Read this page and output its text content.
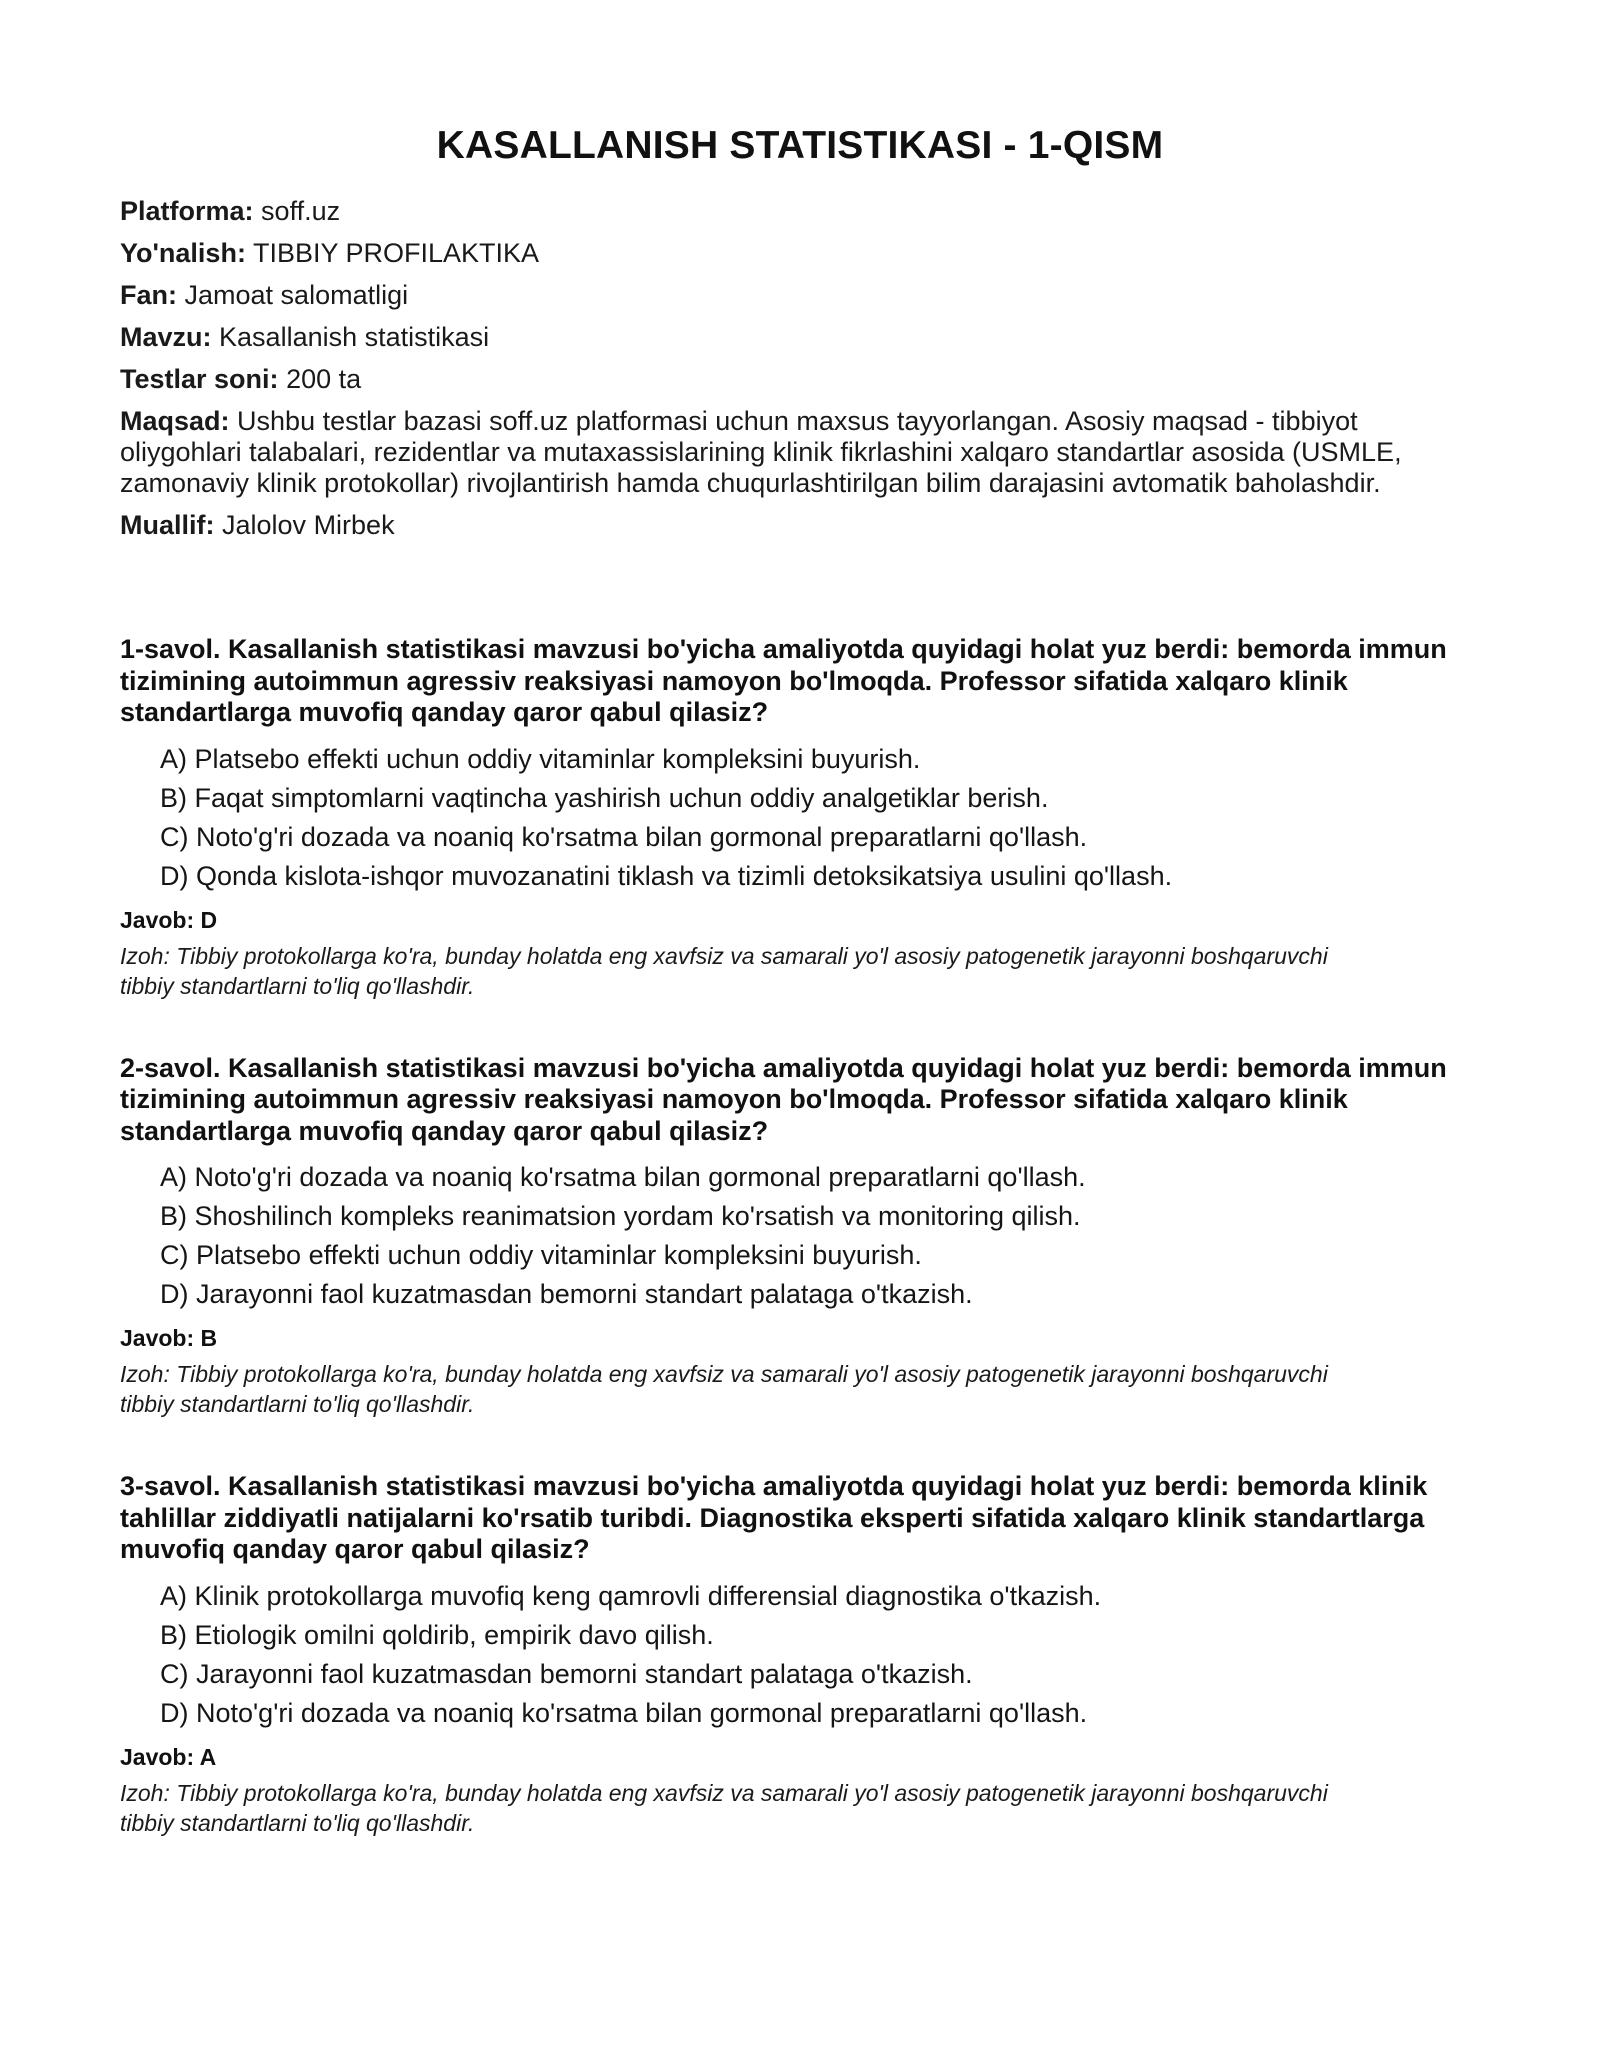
KASALLANISH STATISTIKASI - 1-QISM

Platforma: soff.uz

Yo'nalish: TIBBIY PROFILAKTIKA

Fan: Jamoat salomatligi

Mavzu: Kasallanish statistikasi

Testlar soni: 200 ta

Maqsad: Ushbu testlar bazasi soff.uz platformasi uchun maxsus tayyorlangan. Asosiy maqsad - tibbiyot oliygohlari talabalari, rezidentlar va mutaxassislarining klinik fikrlashini xalqaro standartlar asosida (USMLE, zamonaviy klinik protokollar) rivojlantirish hamda chuqurlashtirilgan bilim darajasini avtomatik baholashdir.

Muallif: Jalolov Mirbek

1-savol. Kasallanish statistikasi mavzusi bo'yicha amaliyotda quyidagi holat yuz berdi: bemorda immun tizimining autoimmun agressiv reaksiyasi namoyon bo'lmoqda. Professor sifatida xalqaro klinik standartlarga muvofiq qanday qaror qabul qilasiz?

A) Platsebo effekti uchun oddiy vitaminlar kompleksini buyurish.
B) Faqat simptomlarni vaqtincha yashirish uchun oddiy analgetiklar berish.
C) Noto'g'ri dozada va noaniq ko'rsatma bilan gormonal preparatlarni qo'llash.
D) Qonda kislota-ishqor muvozanatini tiklash va tizimli detoksikatsiya usulini qo'llash.

Javob: D

Izoh: Tibbiy protokollarga ko'ra, bunday holatda eng xavfsiz va samarali yo'l asosiy patogenetik jarayonni boshqaruvchi tibbiy standartlarni to'liq qo'llashdir.

2-savol. Kasallanish statistikasi mavzusi bo'yicha amaliyotda quyidagi holat yuz berdi: bemorda immun tizimining autoimmun agressiv reaksiyasi namoyon bo'lmoqda. Professor sifatida xalqaro klinik standartlarga muvofiq qanday qaror qabul qilasiz?

A) Noto'g'ri dozada va noaniq ko'rsatma bilan gormonal preparatlarni qo'llash.
B) Shoshilinch kompleks reanimatsion yordam ko'rsatish va monitoring qilish.
C) Platsebo effekti uchun oddiy vitaminlar kompleksini buyurish.
D) Jarayonni faol kuzatmasdan bemorni standart palataga o'tkazish.

Javob: B

Izoh: Tibbiy protokollarga ko'ra, bunday holatda eng xavfsiz va samarali yo'l asosiy patogenetik jarayonni boshqaruvchi tibbiy standartlarni to'liq qo'llashdir.

3-savol. Kasallanish statistikasi mavzusi bo'yicha amaliyotda quyidagi holat yuz berdi: bemorda klinik tahlillar ziddiyatli natijalarni ko'rsatib turibdi. Diagnostika eksperti sifatida xalqaro klinik standartlarga muvofiq qanday qaror qabul qilasiz?

A) Klinik protokollarga muvofiq keng qamrovli differensial diagnostika o'tkazish.
B) Etiologik omilni qoldirib, empirik davo qilish.
C) Jarayonni faol kuzatmasdan bemorni standart palataga o'tkazish.
D) Noto'g'ri dozada va noaniq ko'rsatma bilan gormonal preparatlarni qo'llash.

Javob: A

Izoh: Tibbiy protokollarga ko'ra, bunday holatda eng xavfsiz va samarali yo'l asosiy patogenetik jarayonni boshqaruvchi tibbiy standartlarni to'liq qo'llashdir.
